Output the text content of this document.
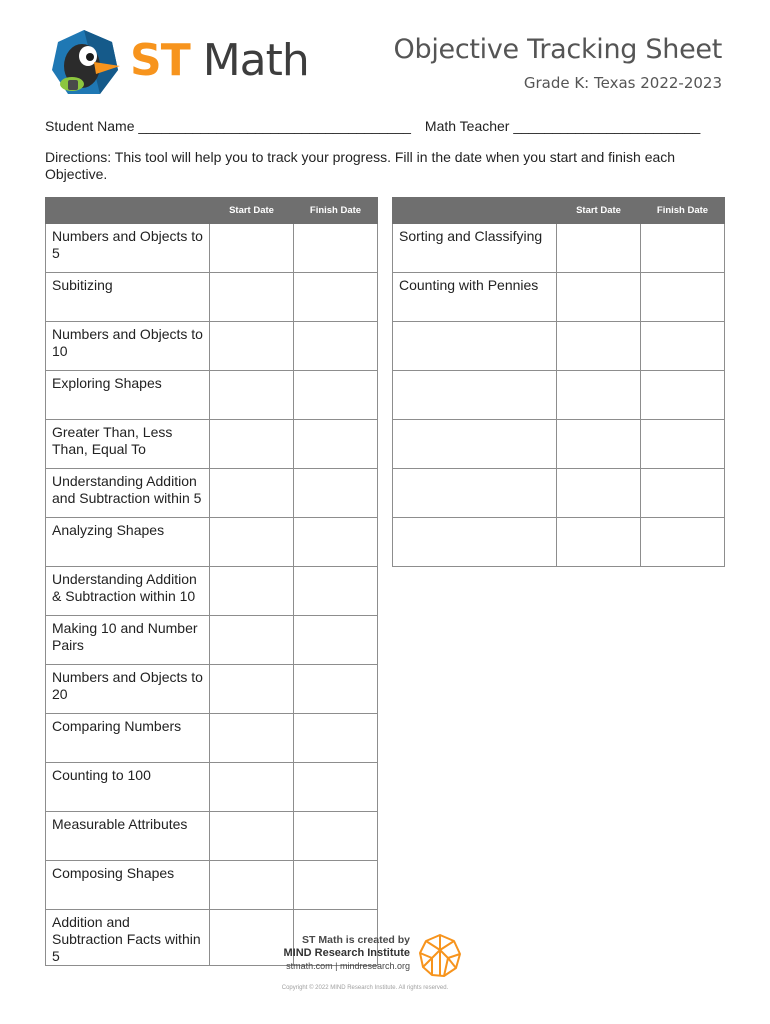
ST Math	Objective Tracking Sheet
Grade K: Texas 2022-2023
Student Name ___________________________________ Math Teacher ________________________
Directions: This tool will help you to track your progress. Fill in the date when you start and finish each Objective.
	Start Date	Finish Date
Numbers and Objects to 5		
Subitizing		
Numbers and Objects to 10		
Exploring Shapes		
Greater Than, Less Than, Equal To		
Understanding Addition and Subtraction within 5		
Analyzing Shapes		
Understanding Addition & Subtraction within 10		
Making 10 and Number Pairs		
Numbers and Objects to 20		
Comparing Numbers		
Counting to 100		
Measurable Attributes		
Composing Shapes		
Addition and Subtraction Facts within 5		
	Start Date	Finish Date
Sorting and Classifying		
Counting with Pennies		

ST Math is created by
MIND Research Institute
stmath.com | mindresearch.org
Copyright © 2022 MIND Research Institute. All rights reserved.
